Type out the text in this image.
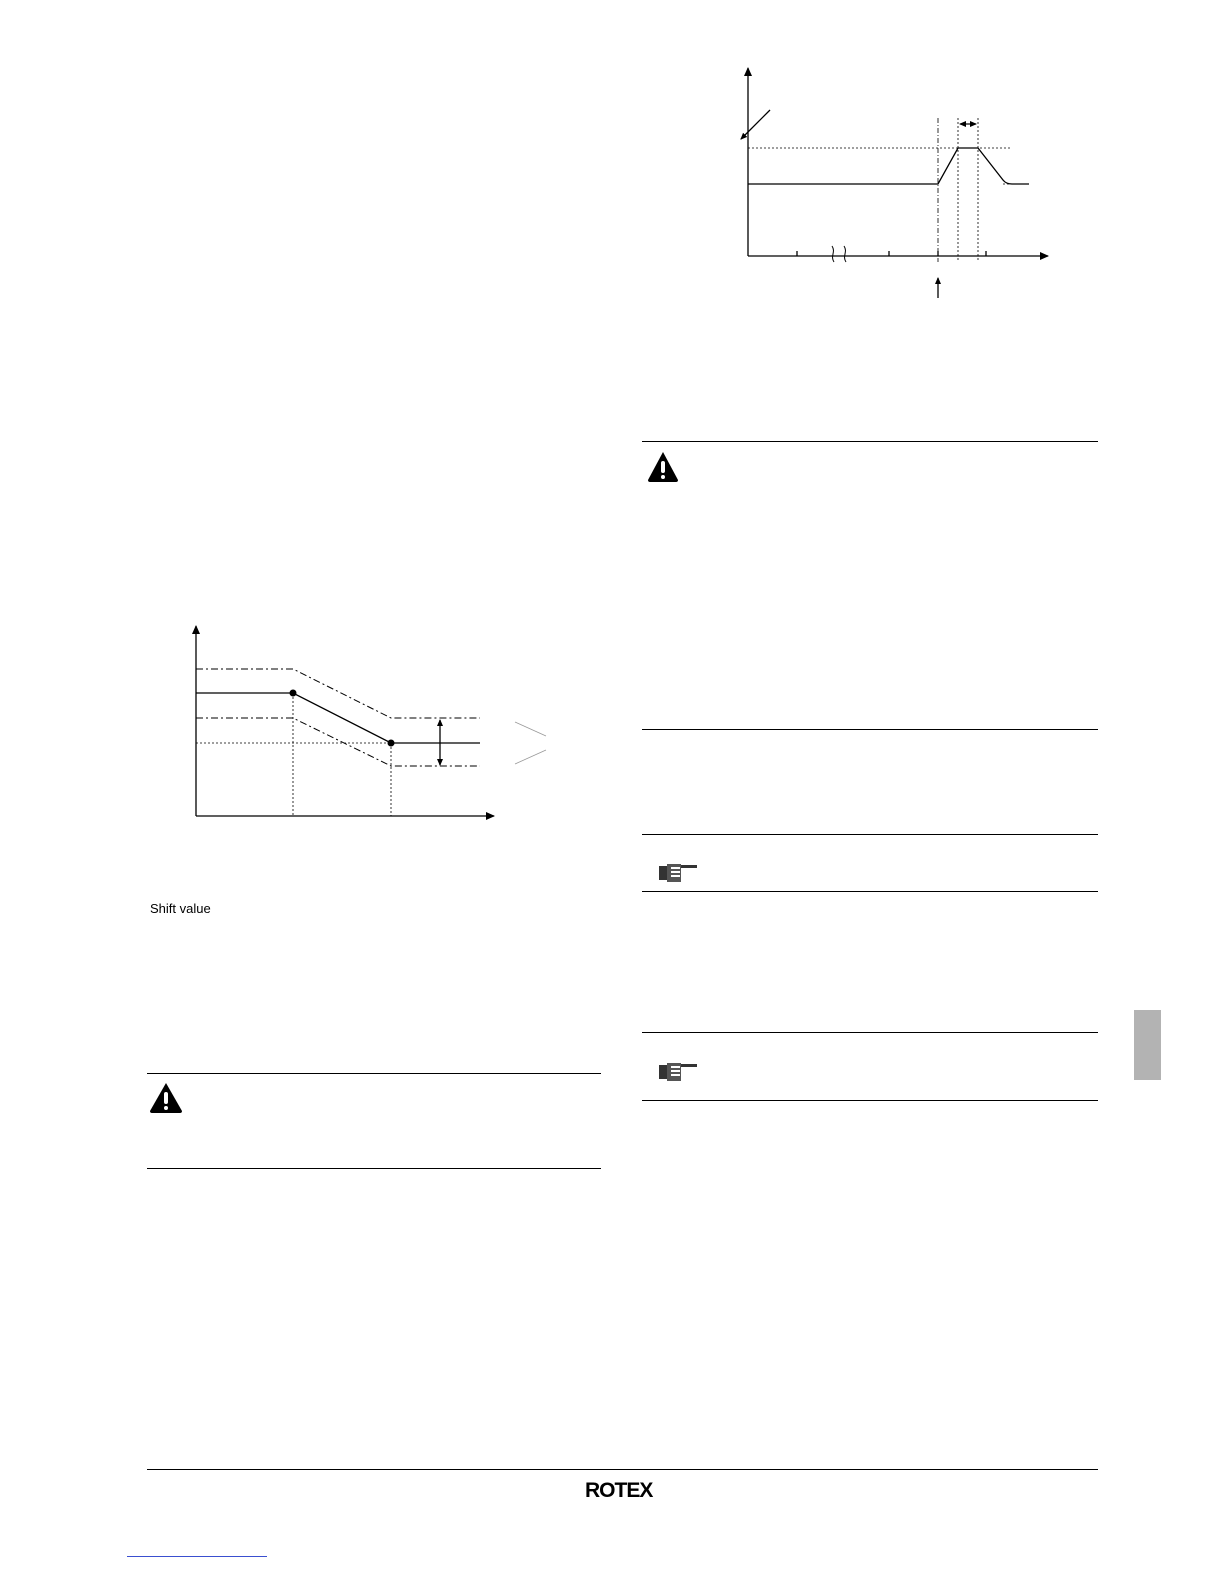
Shift value
ROTEX
